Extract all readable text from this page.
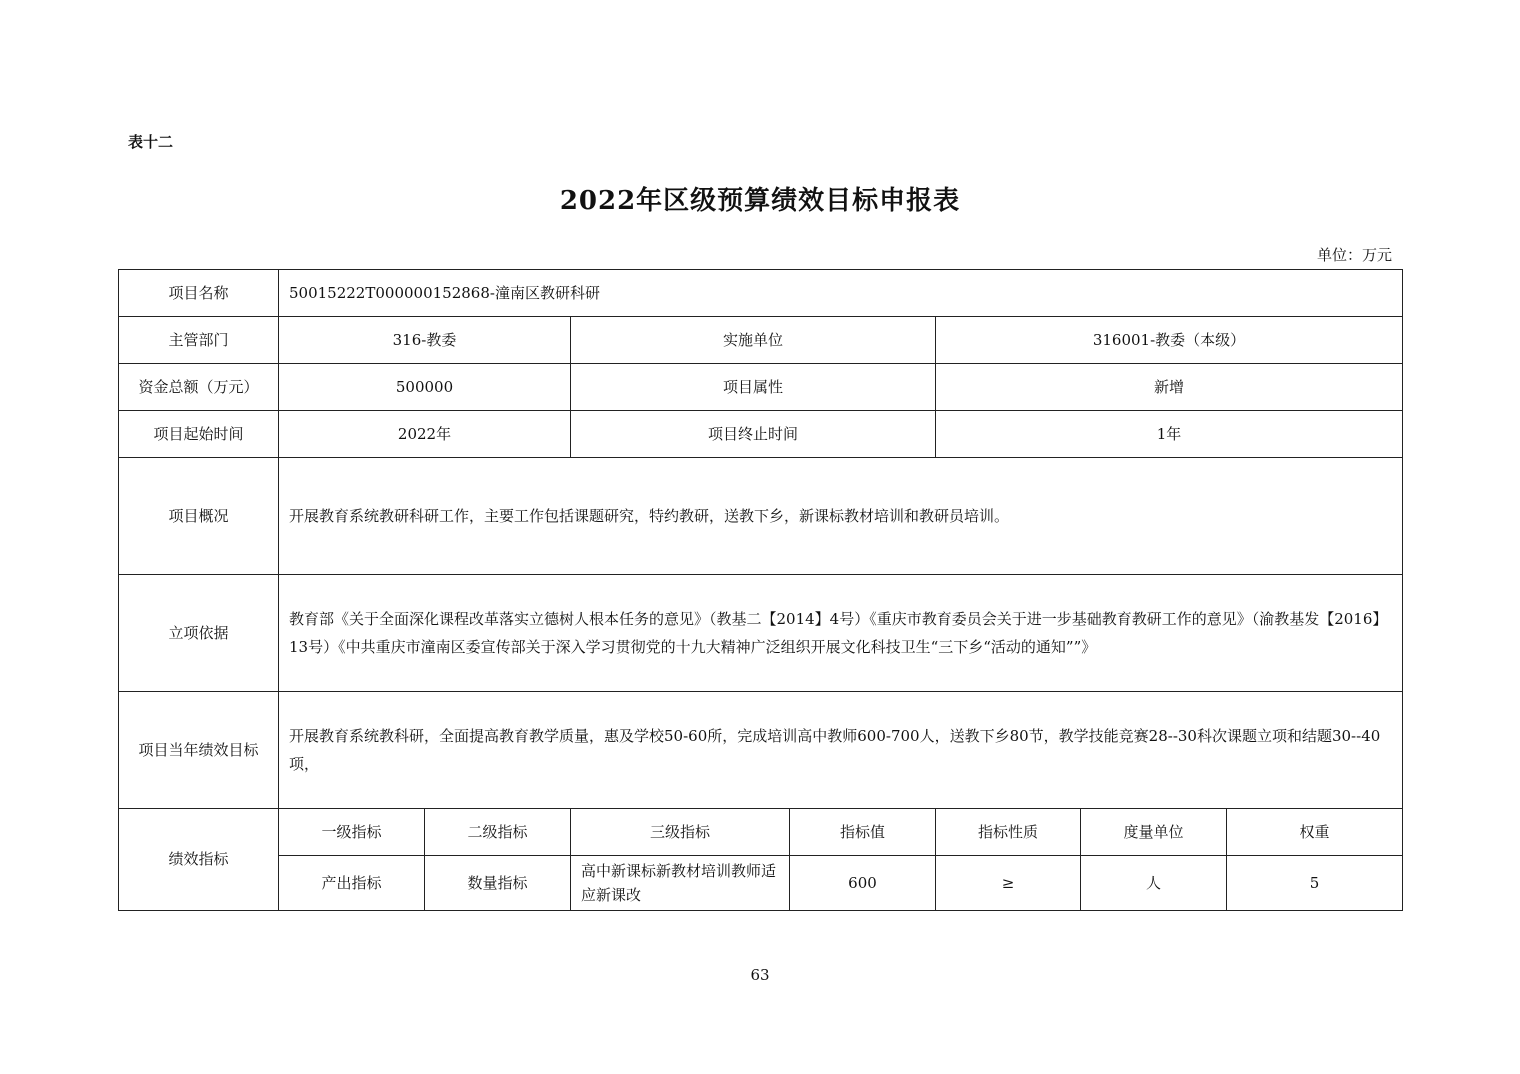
表十二
2022年区级预算绩效目标申报表
单位：万元
项目名称	50015222T000000152868-潼南区教研科研						
主管部门	316-教委		实施单位		316001-教委（本级）		
资金总额（万元）	500000		项目属性		新增		
项目起始时间	2022年		项目终止时间		1年		
项目概况	开展教育系统教研科研工作，主要工作包括课题研究，特约教研，送教下乡，新课标教材培训和教研员培训。						
立项依据	教育部《关于全面深化课程改革落实立德树人根本任务的意见》（教基二【2014】4号）《重庆市教育委员会关于进一步基础教育教研工作的意见》（渝教基发【2016】13号）《中共重庆市潼南区委宣传部关于深入学习贯彻党的十九大精神广泛组织开展文化科技卫生“三下乡“活动的通知””》						
项目当年绩效目标	开展教育系统教科研，全面提高教育教学质量，惠及学校50-60所，完成培训高中教师600-700人，送教下乡80节，教学技能竞赛28--30科次课题立项和结题30--40项，						
绩效指标	一级指标	二级指标	三级指标	指标值	指标性质	度量单位	权重
	产出指标	数量指标	高中新课标新教材培训教师适应新课改	600	≥	人	5
63
